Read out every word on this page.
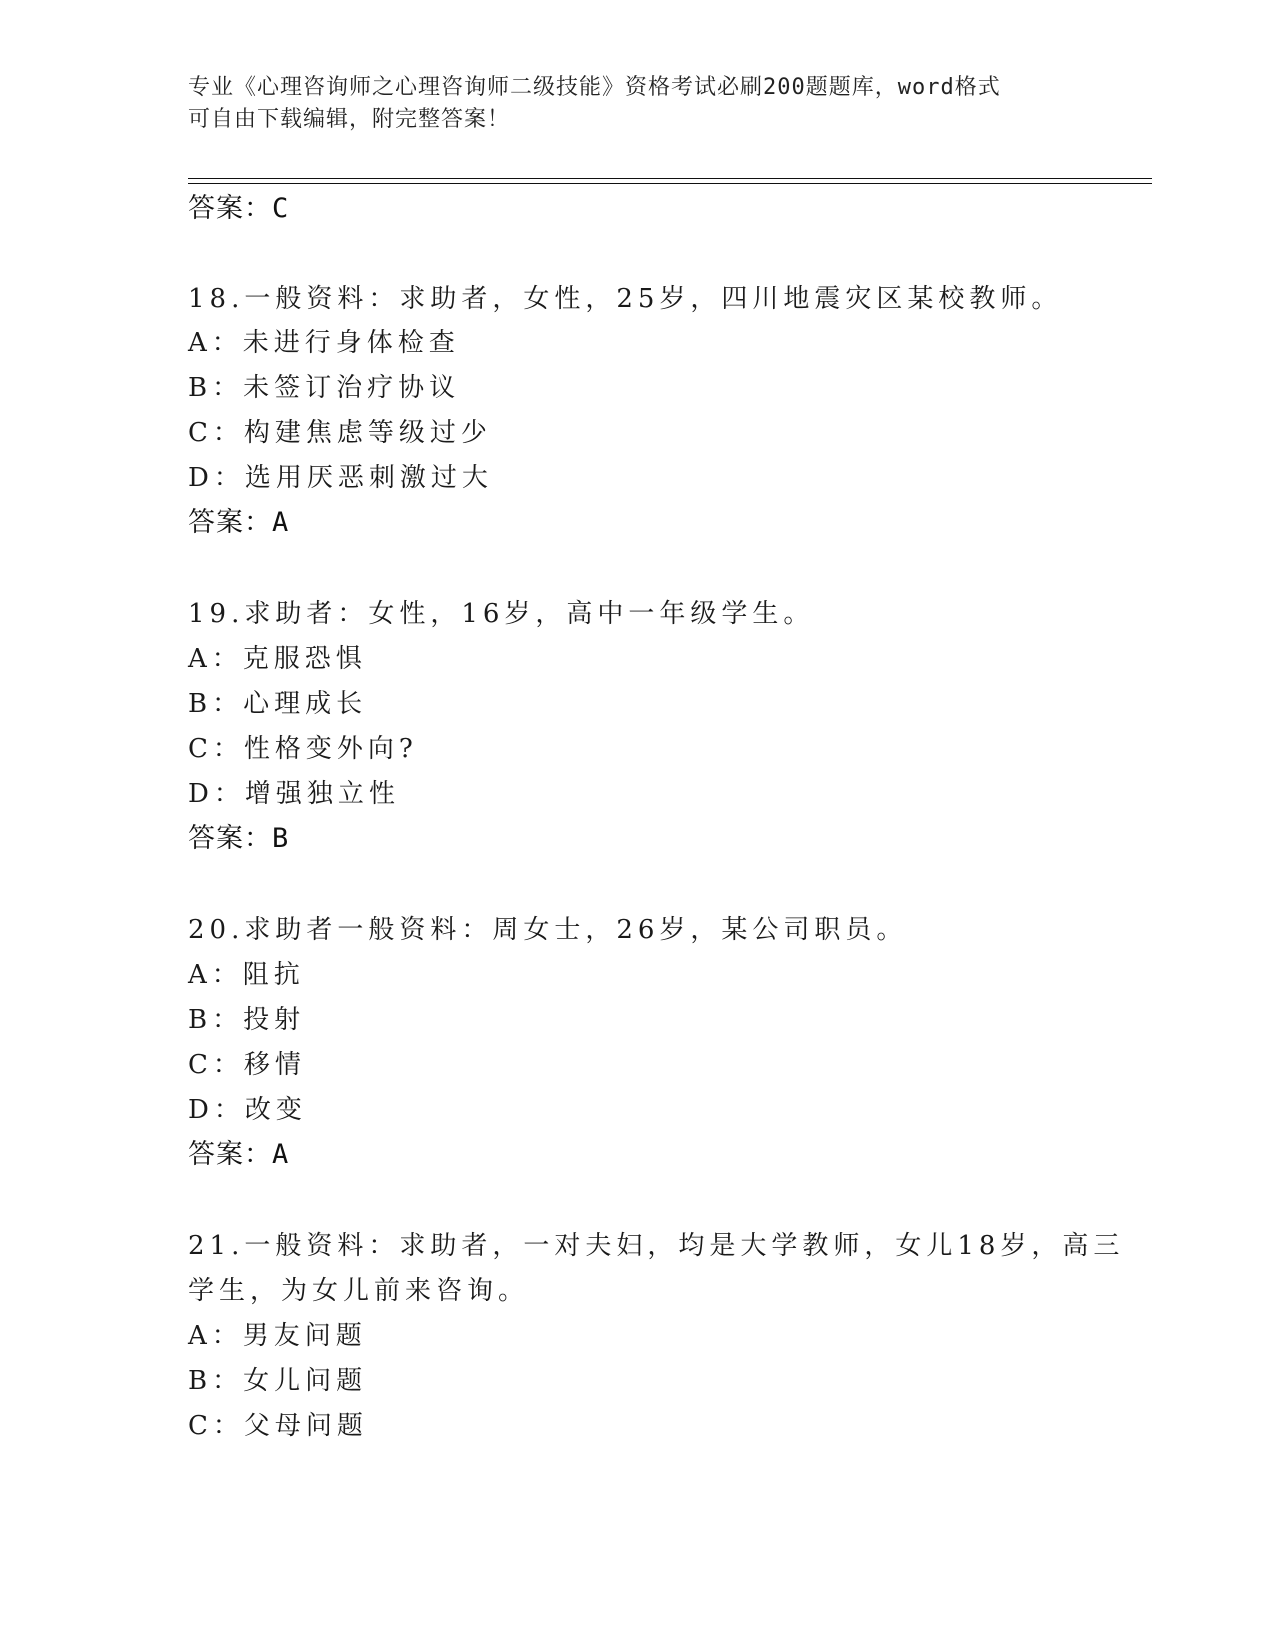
专业《心理咨询师之心理咨询师二级技能》资格考试必刷200题题库，word格式
可自由下载编辑，附完整答案！
答案：C
18.一般资料：求助者，女性，25岁，四川地震灾区某校教师。
A：未进行身体检查
B：未签订治疗协议
C：构建焦虑等级过少
D：选用厌恶刺激过大
答案：A
19.求助者：女性，16岁，高中一年级学生。
A：克服恐惧
B：心理成长
C：性格变外向?
D：增强独立性
答案：B
20.求助者一般资料：周女士，26岁，某公司职员。
A：阻抗
B：投射
C：移情
D：改变
答案：A
21.一般资料：求助者，一对夫妇，均是大学教师，女儿18岁，高三
学生，为女儿前来咨询。
A：男友问题
B：女儿问题
C：父母问题
